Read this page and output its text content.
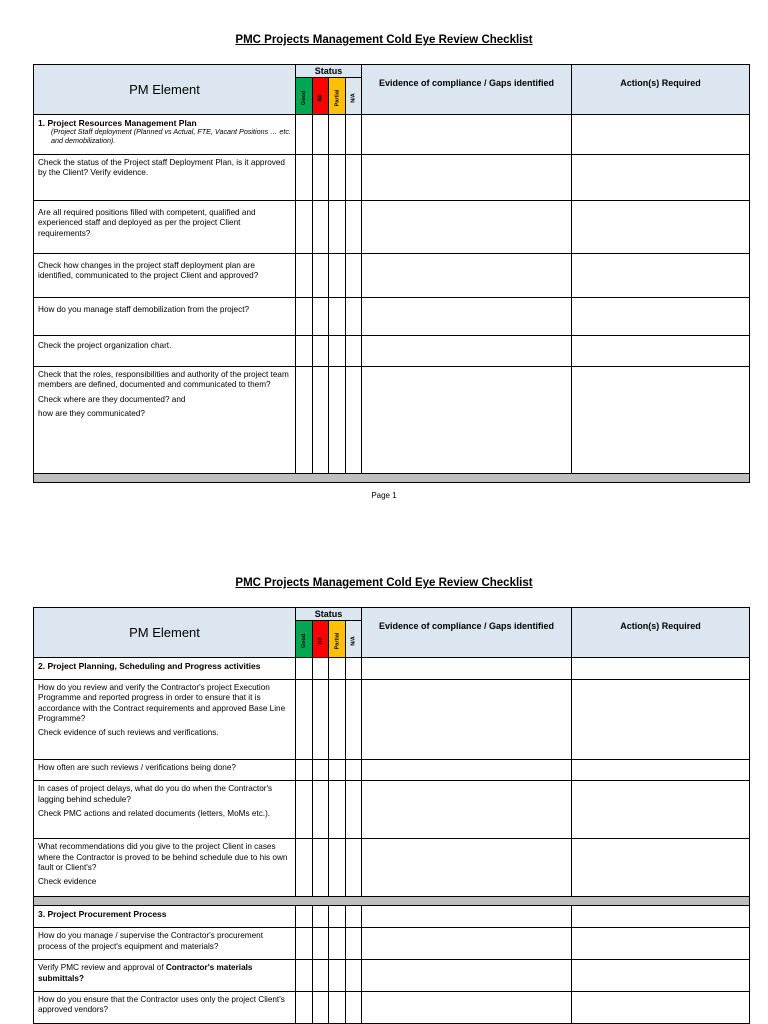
PMC Projects Management Cold Eye Review Checklist
PM Element	Status				Evidence of compliance / Gaps identified	Action(s) Required
	Good	Nil	Partial	N/A		
1. Project Resources Management Plan
(Project Staff deployment (Planned vs Actual, FTE, Vacant Positions … etc. and demobilization).						

Check the status of the Project staff Deployment Plan, is it approved by the Client? Verify evidence.						

Are all required positions filled with competent, qualified and experienced staff and deployed as per the project Client requirements?						

Check how changes in the project staff deployment plan are identified, communicated to the project Client and approved?						

How do you manage staff demobilization from the project?						

Check the project organization chart.						

Check that the roles, responsibilities and authority of the project team members are defined, documented and communicated to them?

Check where are they documented? and

how are they communicated?						

Page 1
PMC Projects Management Cold Eye Review Checklist
PM Element	Status				Evidence of compliance / Gaps identified	Action(s) Required
	Good	Nil	Partial	N/A		
2. Project Planning, Scheduling and Progress activities						

How do you review and verify the Contractor's project Execution Programme and reported progress in order to ensure that it is accordance with the Contract requirements and approved Base Line Programme?

Check evidence of such reviews and verifications.						

How often are such reviews / verifications being done?						

In cases of project delays, what do you do when the Contractor's lagging behind schedule?

Check PMC actions and related documents (letters, MoMs etc.).						

What recommendations did you give to the project Client in cases where the Contractor is proved to be behind schedule due to his own fault or Client's?

Check evidence						

3. Project Procurement Process						

How do you manage / supervise the Contractor's procurement process of the project's equipment and materials?						

Verify PMC review and approval of Contractor's materials submittals?						

How do you ensure that the Contractor uses only the project Client's approved vendors?						
